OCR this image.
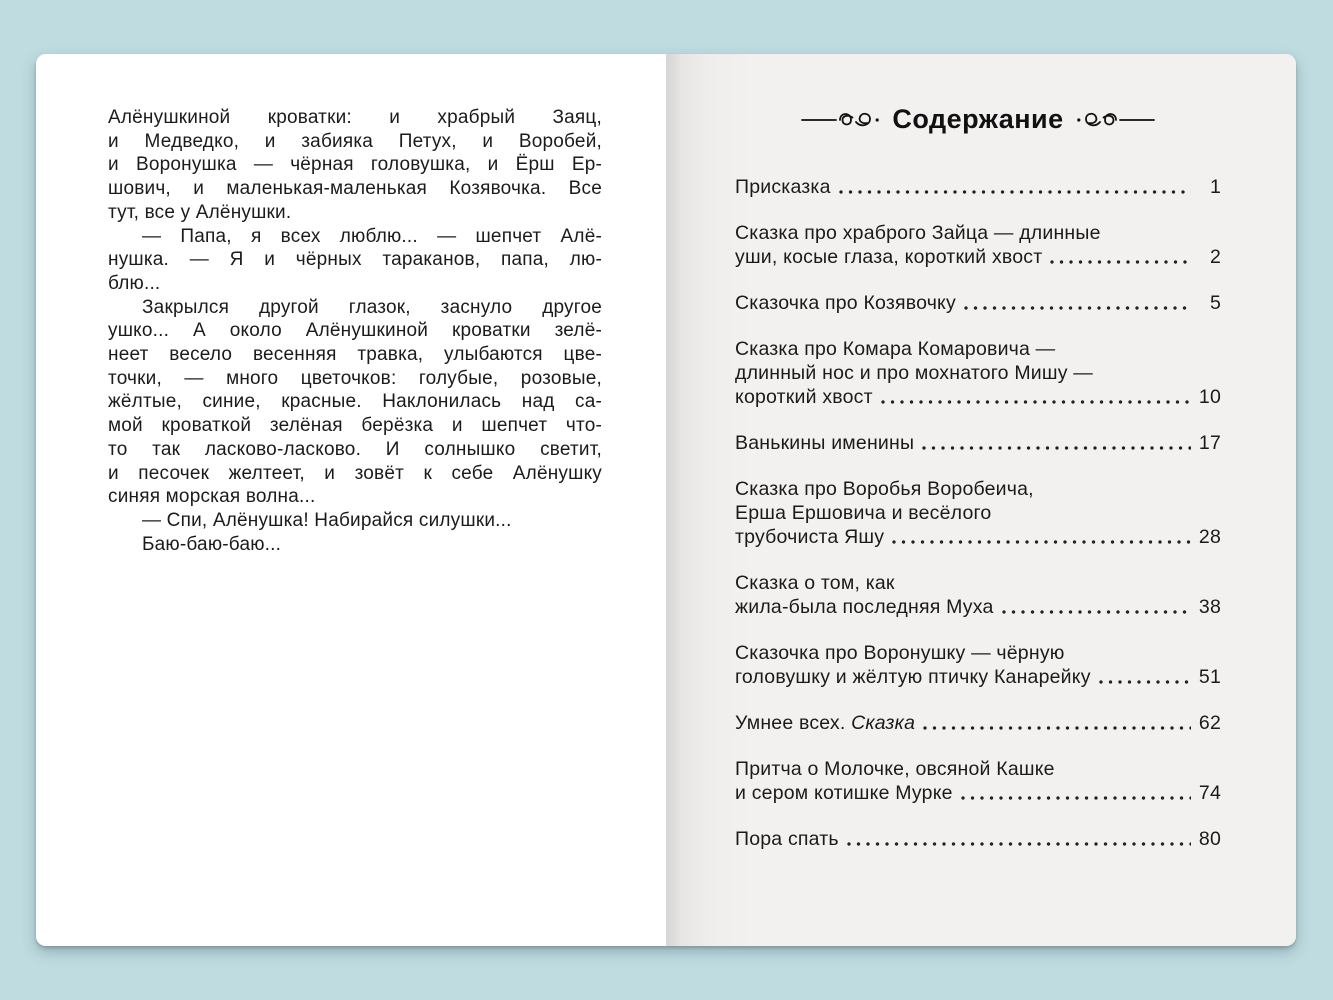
Алёнушкиной кроватки: и храбрый Заяц,
и Медведко, и забияка Петух, и Воробей,
и Воронушка — чёрная головушка, и Ёрш Ер-
шович, и маленькая-маленькая Козявочка. Все
тут, все у Алёнушки.
— Папа, я всех люблю... — шепчет Алё-
нушка. — Я и чёрных тараканов, папа, лю-
блю...
Закрылся другой глазок, заснуло другое
ушко... А около Алёнушкиной кроватки зелё-
неет весело весенняя травка, улыбаются цве-
точки, — много цветочков: голубые, розовые,
жёлтые, синие, красные. Наклонилась над са-
мой кроваткой зелёная берёзка и шепчет что-
то так ласково-ласково. И солнышко светит,
и песочек желтеет, и зовёт к себе Алёнушку
синяя морская волна...
— Спи, Алёнушка! Набирайся силушки...
Баю-баю-баю...
Содержание
Присказка	1
Сказка про храброго Зайца — длинные
уши, косые глаза, короткий хвост	2
Сказочка про Козявочку	5
Сказка про Комара Комаровича —
длинный нос и про мохнатого Мишу —
короткий хвост	10
Ванькины именины	17
Сказка про Воробья Воробеича,
Ерша Ершовича и весёлого
трубочиста Яшу	28
Сказка о том, как
жила-была последняя Муха	38
Сказочка про Воронушку — чёрную
головушку и жёлтую птичку Канарейку	51
Умнее всех. Сказка	62
Притча о Молочке, овсяной Кашке
и сером котишке Мурке	74
Пора спать	80
